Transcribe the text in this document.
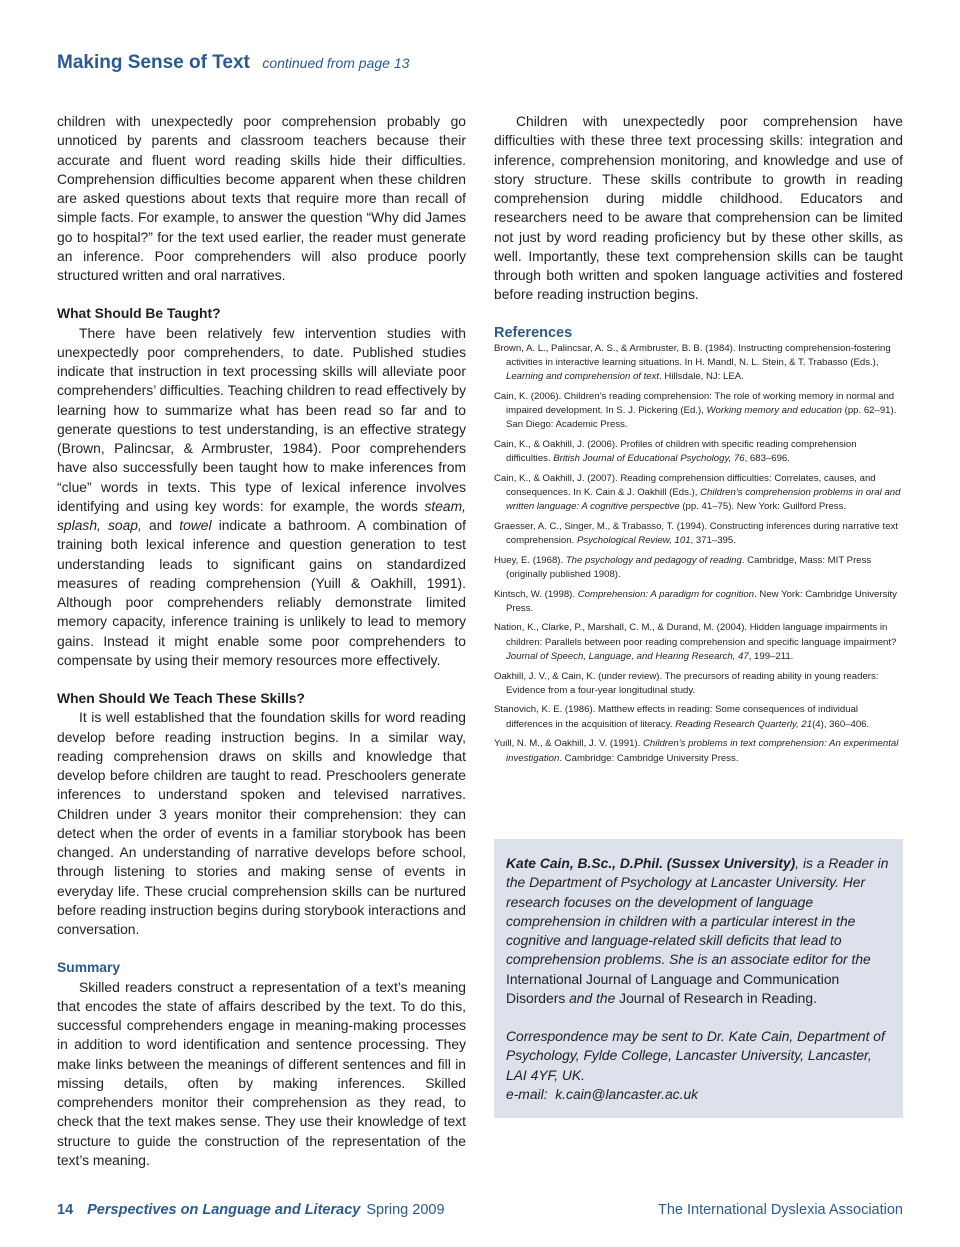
Making Sense of Text continued from page 13

children with unexpectedly poor comprehension probably go unnoticed by parents and classroom teachers because their accurate and fluent word reading skills hide their difficulties. Comprehension difficulties become apparent when these children are asked questions about texts that require more than recall of simple facts. For example, to answer the question “Why did James go to hospital?” for the text used earlier, the reader must generate an inference. Poor comprehenders will also produce poorly structured written and oral narratives.

What Should Be Taught?

There have been relatively few intervention studies with unexpectedly poor comprehenders, to date. Published studies indicate that instruction in text processing skills will alleviate poor comprehenders’ difficulties. Teaching children to read effectively by learning how to summarize what has been read so far and to generate questions to test understanding, is an effective strategy (Brown, Palincsar, & Armbruster, 1984). Poor comprehenders have also successfully been taught how to make inferences from “clue” words in texts. This type of lexical inference involves identifying and using key words: for example, the words steam, splash, soap, and towel indicate a bathroom. A combination of training both lexical inference and question generation to test understanding leads to significant gains on standardized measures of reading comprehension (Yuill & Oakhill, 1991). Although poor comprehenders reliably demonstrate limited memory capacity, inference training is unlikely to lead to memory gains. Instead it might enable some poor comprehenders to compensate by using their memory resources more effectively.

When Should We Teach These Skills?

It is well established that the foundation skills for word reading develop before reading instruction begins. In a similar way, reading comprehension draws on skills and knowledge that develop before children are taught to read. Preschoolers generate inferences to understand spoken and televised narratives. Children under 3 years monitor their comprehension: they can detect when the order of events in a familiar storybook has been changed. An understanding of narrative develops before school, through listening to stories and making sense of events in everyday life. These crucial comprehension skills can be nurtured before reading instruction begins during storybook interactions and conversation.

Summary

Skilled readers construct a representation of a text’s meaning that encodes the state of affairs described by the text. To do this, successful comprehenders engage in meaning-making processes in addition to word identification and sentence processing. They make links between the meanings of different sentences and fill in missing details, often by making inferences. Skilled comprehenders monitor their comprehension as they read, to check that the text makes sense. They use their knowledge of text structure to guide the construction of the representation of the text’s meaning.

Children with unexpectedly poor comprehension have difficulties with these three text processing skills: integration and inference, comprehension monitoring, and knowledge and use of story structure. These skills contribute to growth in reading comprehension during middle childhood. Educators and researchers need to be aware that comprehension can be limited not just by word reading proficiency but by these other skills, as well. Importantly, these text comprehension skills can be taught through both written and spoken language activities and fostered before reading instruction begins.

References

Brown, A. L., Palincsar, A. S., & Armbruster, B. B. (1984). Instructing comprehension-fostering activities in interactive learning situations. In H. Mandl, N. L. Stein, & T. Trabasso (Eds.), Learning and comprehension of text. Hillsdale, NJ: LEA.

Cain, K. (2006). Children’s reading comprehension: The role of working memory in normal and impaired development. In S. J. Pickering (Ed.), Working memory and education (pp. 62–91). San Diego: Academic Press.

Cain, K., & Oakhill, J. (2006). Profiles of children with specific reading comprehension difficulties. British Journal of Educational Psychology, 76, 683–696.

Cain, K., & Oakhill, J. (2007). Reading comprehension difficulties: Correlates, causes, and consequences. In K. Cain & J. Oakhill (Eds.), Children’s comprehension problems in oral and written language: A cognitive perspective (pp. 41–75). New York: Guilford Press.

Graesser, A. C., Singer, M., & Trabasso, T. (1994). Constructing inferences during narrative text comprehension. Psychological Review, 101, 371–395.

Huey, E. (1968). The psychology and pedagogy of reading. Cambridge, Mass: MIT Press (originally published 1908).

Kintsch, W. (1998). Comprehension: A paradigm for cognition. New York: Cambridge University Press.

Nation, K., Clarke, P., Marshall, C. M., & Durand, M. (2004). Hidden language impairments in children: Parallels between poor reading comprehension and specific language impairment? Journal of Speech, Language, and Hearing Research, 47, 199–211.

Oakhill, J. V., & Cain, K. (under review). The precursors of reading ability in young readers: Evidence from a four-year longitudinal study.

Stanovich, K. E. (1986). Matthew effects in reading: Some consequences of individual differences in the acquisition of literacy. Reading Research Quarterly, 21(4), 360–406.

Yuill, N. M., & Oakhill, J. V. (1991). Children’s problems in text comprehension: An experimental investigation. Cambridge: Cambridge University Press.

Kate Cain, B.Sc., D.Phil. (Sussex University), is a Reader in the Department of Psychology at Lancaster University. Her research focuses on the development of language comprehension in children with a particular interest in the cognitive and language-related skill deficits that lead to comprehension problems. She is an associate editor for the International Journal of Language and Communication Disorders and the Journal of Research in Reading.

Correspondence may be sent to Dr. Kate Cain, Department of Psychology, Fylde College, Lancaster University, Lancaster, LAI 4YF, UK.

e-mail: k.cain@lancaster.ac.uk

14 Perspectives on Language and Literacy Spring 2009	The International Dyslexia Association
